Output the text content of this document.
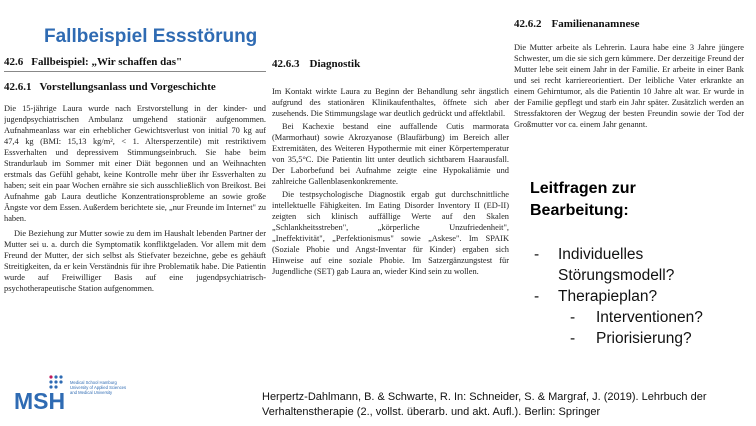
Fallbeispiel Essstörung
42.6 Fallbeispiel: „Wir schaffen das"
42.6.1 Vorstellungsanlass und Vorgeschichte

Die 15-jährige Laura wurde nach Erstvorstellung in der kinder- und jugendpsychiatrischen Ambulanz umgehend stationär aufgenommen. Aufnahmeanlass war ein erheblicher Gewichtsverlust von initial 70 kg auf 47,4 kg (BMI: 15,13 kg/m², < 1. Altersperzentile) mit restriktivem Essverhalten und depressivem Stimmungseinbruch. Sie habe beim Strandurlaub im Sommer mit einer Diät begonnen und an Weihnachten erstmals das Gefühl gehabt, keine Kontrolle mehr über ihr Essverhalten zu haben; seit ein paar Wochen ernähre sie sich ausschließlich von Breikost. Bei Aufnahme gab Laura deutliche Konzentrationsprobleme an sowie große Ängste vor dem Essen. Außerdem berichtete sie, „nur Freunde im Internet" zu haben.

Die Beziehung zur Mutter sowie zu dem im Haushalt lebenden Partner der Mutter sei u. a. durch die Symptomatik konfliktgeladen. Vor allem mit dem Freund der Mutter, der sich selbst als Stiefvater bezeichne, gebe es gehäuft Streitigkeiten, da er kein Verständnis für ihre Problematik habe. Die Patientin wurde auf Freiwilliger Basis auf eine jugendpsychiatrisch-psychotherapeutische Station aufgenommen.

42.6.3 Diagnostik

Im Kontakt wirkte Laura zu Beginn der Behandlung sehr ängstlich aufgrund des stationären Klinikaufenthaltes, öffnete sich aber zusehends. Die Stimmungslage war deutlich gedrückt und affektlabil.

Bei Kachexie bestand eine auffallende Cutis marmorata (Marmorhaut) sowie Akrozyanose (Blaufärbung) im Bereich aller Extremitäten, des Weiteren Hypothermie mit einer Körpertemperatur von 35,5°C. Die Patientin litt unter deutlich sichtbarem Haarausfall. Der Laborbefund bei Aufnahme zeigte eine Hypokaliämie und zahlreiche Gallenblasenkonkremente.

Die testpsychologische Diagnostik ergab gut durchschnittliche intellektuelle Fähigkeiten. Im Eating Disorder Inventory II (ED-II) zeigten sich klinisch auffällige Werte auf den Skalen „Schlankheitsstreben", „körperliche Unzufriedenheit", „Ineffektivität", „Perfektionismus" sowie „Askese". Im SPAIK (Soziale Phobie und Angst-Inventar für Kinder) ergaben sich Hinweise auf eine soziale Phobie. Im Satzergänzungstest für Jugendliche (SET) gab Laura an, wieder Kind sein zu wollen.

42.6.2 Familienanamnese

Die Mutter arbeite als Lehrerin. Laura habe eine 3 Jahre jüngere Schwester, um die sie sich gern kümmere. Der derzeitige Freund der Mutter lebe seit einem Jahr in der Familie. Er arbeite in einer Bank und sei recht karriereorientiert. Der leibliche Vater erkrankte an einem Gehirntumor, als die Patientin 10 Jahre alt war. Er wurde in der Familie gepflegt und starb ein Jahr später. Zusätzlich werden an Stressfaktoren der Wegzug der besten Freundin sowie der Tod der Großmutter vor ca. einem Jahr genannt.

Leitfragen zur Bearbeitung:
- Individuelles Störungsmodell?
- Therapieplan?
- Interventionen?
- Priorisierung?
MSH
Medical School Hamburg
University of Applied Sciences
and Medical University	Herpertz-Dahlmann, B. & Schwarte, R. In: Schneider, S. & Margraf, J. (2019). Lehrbuch der Verhaltenstherapie (2., vollst. überarb. und akt. Aufl.). Berlin: Springer
